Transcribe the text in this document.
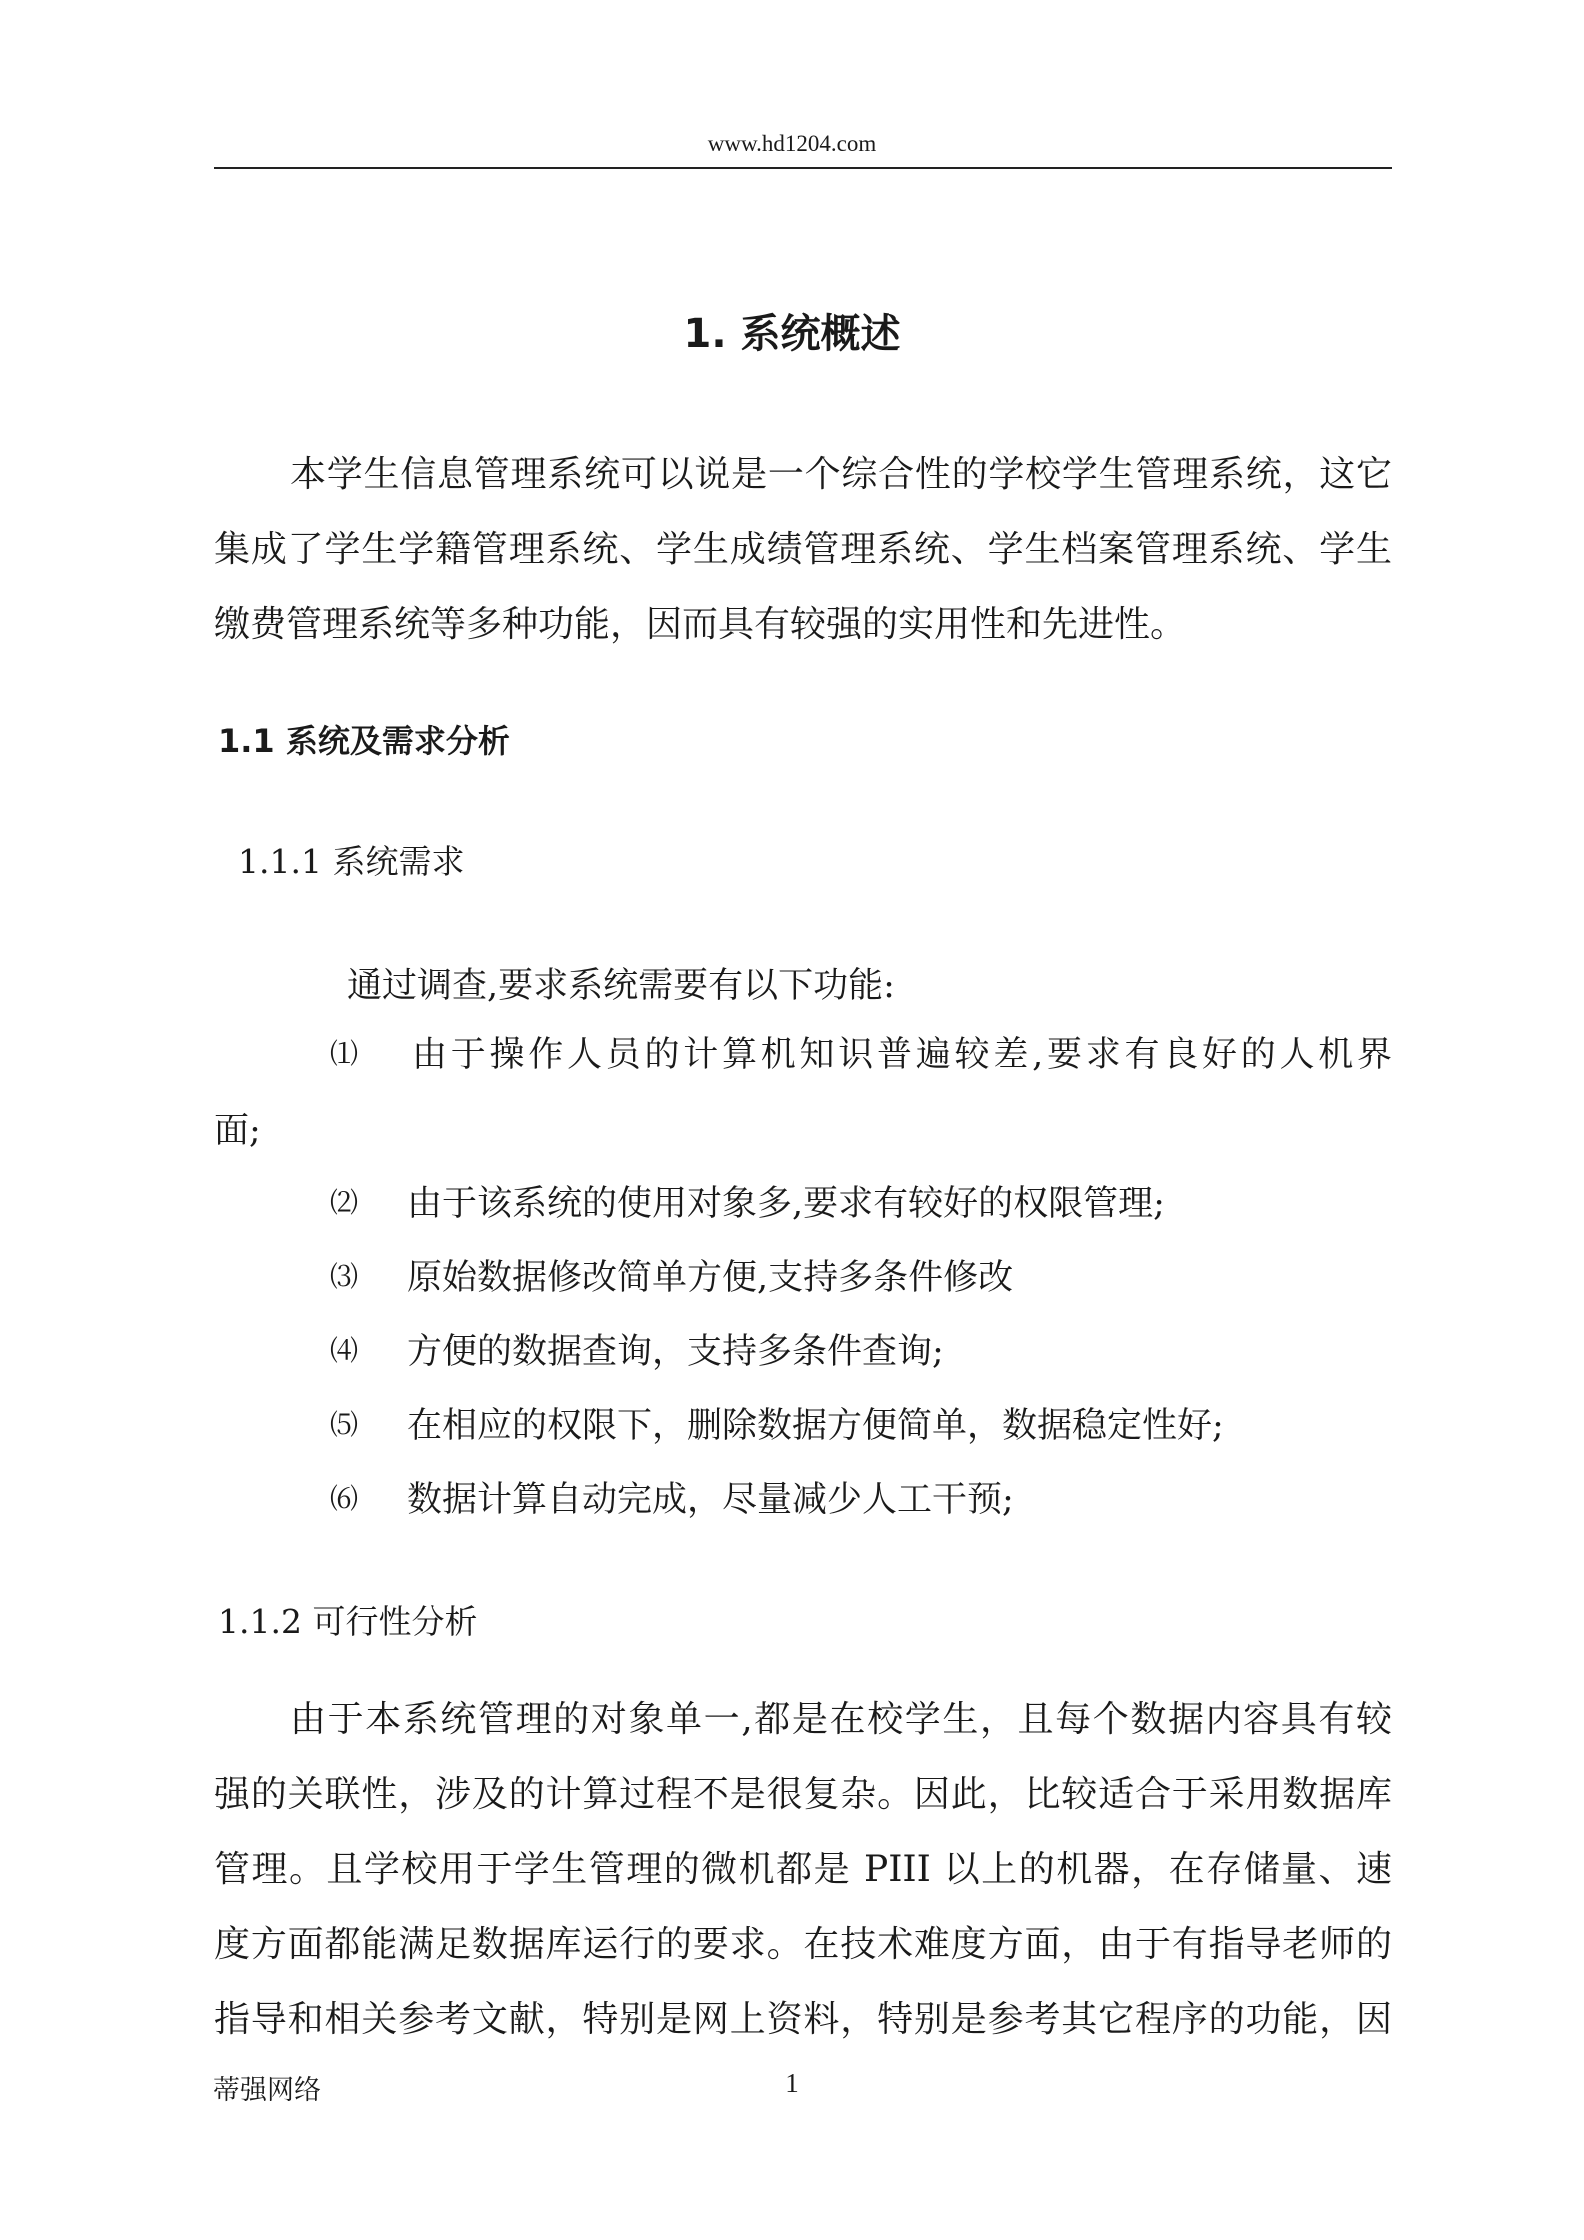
www.hd1204.com
1. 系统概述
本学生信息管理系统可以说是一个综合性的学校学生管理系统，这它
集成了学生学籍管理系统、学生成绩管理系统、学生档案管理系统、学生
缴费管理系统等多种功能，因而具有较强的实用性和先进性。
1.1 系统及需求分析
1.1.1 系统需求
通过调查,要求系统需要有以下功能:
⑴ 由于操作人员的计算机知识普遍较差,要求有良好的人机界
面;
⑵ 由于该系统的使用对象多,要求有较好的权限管理;
⑶ 原始数据修改简单方便,支持多条件修改
⑷ 方便的数据查询，支持多条件查询;
⑸ 在相应的权限下，删除数据方便简单，数据稳定性好;
⑹ 数据计算自动完成，尽量减少人工干预;
1.1.2 可行性分析
由于本系统管理的对象单一,都是在校学生，且每个数据内容具有较
强的关联性，涉及的计算过程不是很复杂。因此，比较适合于采用数据库
管理。且学校用于学生管理的微机都是 PIII 以上的机器，在存储量、速
度方面都能满足数据库运行的要求。在技术难度方面，由于有指导老师的
指导和相关参考文献，特别是网上资料，特别是参考其它程序的功能，因
蒂强网络	1
